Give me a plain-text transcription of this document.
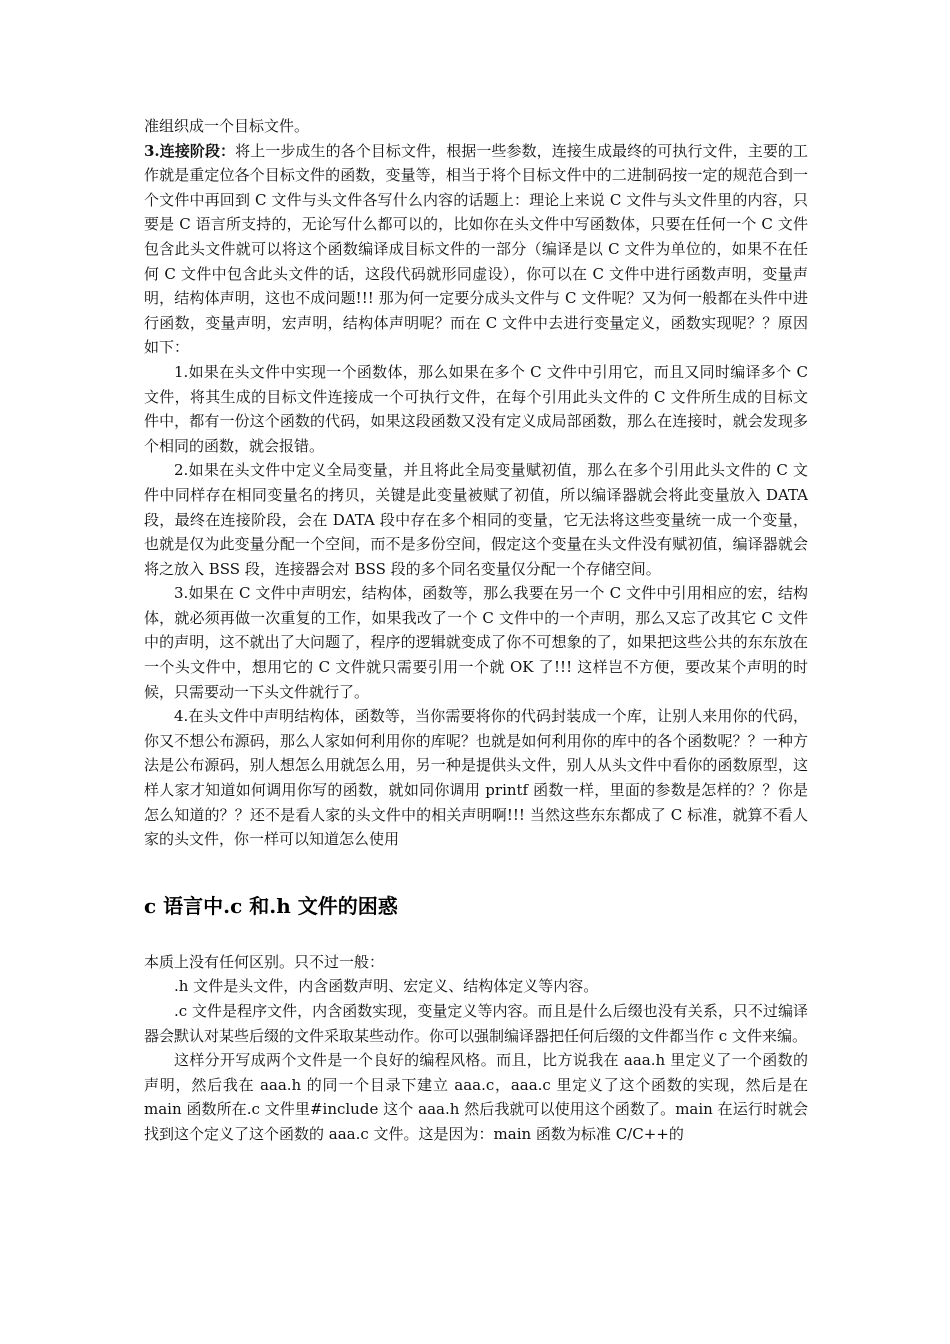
准组织成一个目标文件。

3.连接阶段：将上一步成生的各个目标文件，根据一些参数，连接生成最终的可执行文件，主要的工作就是重定位各个目标文件的函数，变量等，相当于将个目标文件中的二进制码按一定的规范合到一个文件中再回到 C 文件与头文件各写什么内容的话题上：理论上来说 C 文件与头文件里的内容，只要是 C 语言所支持的，无论写什么都可以的，比如你在头文件中写函数体，只要在任何一个 C 文件包含此头文件就可以将这个函数编译成目标文件的一部分（编译是以 C 文件为单位的，如果不在任何 C 文件中包含此头文件的话，这段代码就形同虚设），你可以在 C 文件中进行函数声明，变量声明，结构体声明，这也不成问题!!! 那为何一定要分成头文件与 C 文件呢？又为何一般都在头件中进行函数，变量声明，宏声明，结构体声明呢？而在 C 文件中去进行变量定义，函数实现呢？？原因如下：

1.如果在头文件中实现一个函数体，那么如果在多个 C 文件中引用它，而且又同时编译多个 C 文件，将其生成的目标文件连接成一个可执行文件，在每个引用此头文件的 C 文件所生成的目标文件中，都有一份这个函数的代码，如果这段函数又没有定义成局部函数，那么在连接时，就会发现多个相同的函数，就会报错。

2.如果在头文件中定义全局变量，并且将此全局变量赋初值，那么在多个引用此头文件的 C 文件中同样存在相同变量名的拷贝，关键是此变量被赋了初值，所以编译器就会将此变量放入 DATA 段，最终在连接阶段，会在 DATA 段中存在多个相同的变量，它无法将这些变量统一成一个变量，也就是仅为此变量分配一个空间，而不是多份空间，假定这个变量在头文件没有赋初值，编译器就会将之放入 BSS 段，连接器会对 BSS 段的多个同名变量仅分配一个存储空间。

3.如果在 C 文件中声明宏，结构体，函数等，那么我要在另一个 C 文件中引用相应的宏，结构体，就必须再做一次重复的工作，如果我改了一个 C 文件中的一个声明，那么又忘了改其它 C 文件中的声明，这不就出了大问题了，程序的逻辑就变成了你不可想象的了，如果把这些公共的东东放在一个头文件中，想用它的 C 文件就只需要引用一个就 OK 了!!! 这样岂不方便，要改某个声明的时候，只需要动一下头文件就行了。

4.在头文件中声明结构体，函数等，当你需要将你的代码封装成一个库，让别人来用你的代码，你又不想公布源码，那么人家如何利用你的库呢？也就是如何利用你的库中的各个函数呢？？一种方法是公布源码，别人想怎么用就怎么用，另一种是提供头文件，别人从头文件中看你的函数原型，这样人家才知道如何调用你写的函数，就如同你调用 printf 函数一样，里面的参数是怎样的？？你是怎么知道的？？还不是看人家的头文件中的相关声明啊!!! 当然这些东东都成了 C 标准，就算不看人家的头文件，你一样可以知道怎么使用

c 语言中.c 和.h 文件的困惑

本质上没有任何区别。只不过一般：

.h 文件是头文件，内含函数声明、宏定义、结构体定义等内容。

.c 文件是程序文件，内含函数实现，变量定义等内容。而且是什么后缀也没有关系，只不过编译器会默认对某些后缀的文件采取某些动作。你可以强制编译器把任何后缀的文件都当作 c 文件来编。

这样分开写成两个文件是一个良好的编程风格。而且，比方说我在 aaa.h 里定义了一个函数的声明，然后我在 aaa.h 的同一个目录下建立 aaa.c，aaa.c 里定义了这个函数的实现，然后是在 main 函数所在.c 文件里#include 这个 aaa.h 然后我就可以使用这个函数了。main 在运行时就会找到这个定义了这个函数的 aaa.c 文件。这是因为：main 函数为标准 C/C++的
